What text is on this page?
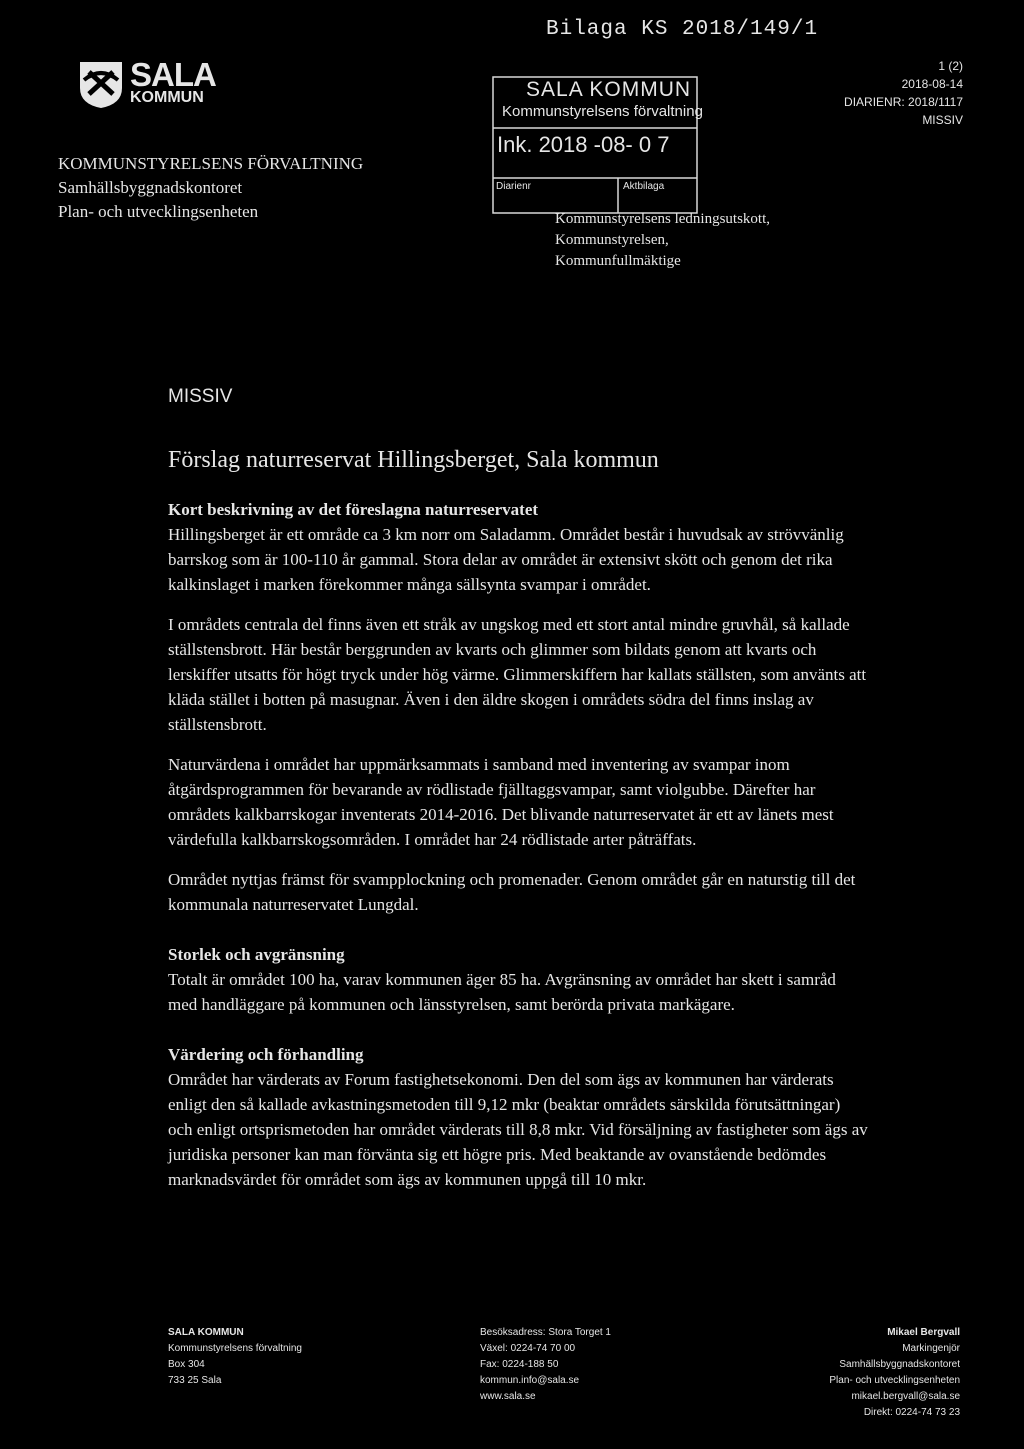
Bilaga KS 2018/149/1
SALA
KOMMUN
KOMMUNSTYRELSENS FÖRVALTNING
Samhällsbyggnadskontoret
Plan- och utvecklingsenheten
SALA KOMMUN
Kommunstyrelsens förvaltning
Ink. 2018 -08- 0 7
Diarienr	Aktbilaga
Kommunstyrelsens ledningsutskott,
Kommunstyrelsen,
Kommunfullmäktige
1 (2)
2018-08-14
DIARIENR: 2018/1117
MISSIV
MISSIV
Förslag naturreservat Hillingsberget, Sala kommun

Kort beskrivning av det föreslagna naturreservatet

Hillingsberget är ett område ca 3 km norr om Saladamm. Området består i huvudsak av strövvänlig barrskog som är 100-110 år gammal. Stora delar av området är extensivt skött och genom det rika kalkinslaget i marken förekommer många sällsynta svampar i området.

I områdets centrala del finns även ett stråk av ungskog med ett stort antal mindre gruvhål, så kallade ställstensbrott. Här består berggrunden av kvarts och glimmer som bildats genom att kvarts och lerskiffer utsatts för högt tryck under hög värme. Glimmerskiffern har kallats ställsten, som använts att kläda stället i botten på masugnar. Även i den äldre skogen i områdets södra del finns inslag av ställstensbrott.

Naturvärdena i området har uppmärksammats i samband med inventering av svampar inom åtgärdsprogrammen för bevarande av rödlistade fjälltaggsvampar, samt violgubbe. Därefter har områdets kalkbarrskogar inventerats 2014-2016. Det blivande naturreservatet är ett av länets mest värdefulla kalkbarrskogsområden. I området har 24 rödlistade arter påträffats.

Området nyttjas främst för svampplockning och promenader. Genom området går en naturstig till det kommunala naturreservatet Lungdal.

Storlek och avgränsning

Totalt är området 100 ha, varav kommunen äger 85 ha. Avgränsning av området har skett i samråd med handläggare på kommunen och länsstyrelsen, samt berörda privata markägare.

Värdering och förhandling

Området har värderats av Forum fastighetsekonomi. Den del som ägs av kommunen har värderats enligt den så kallade avkastningsmetoden till 9,12 mkr (beaktar områdets särskilda förutsättningar) och enligt ortsprismetoden har området värderats till 8,8 mkr. Vid försäljning av fastigheter som ägs av juridiska personer kan man förvänta sig ett högre pris. Med beaktande av ovanstående bedömdes marknadsvärdet för området som ägs av kommunen uppgå till 10 mkr.

SALA KOMMUN
Kommunstyrelsens förvaltning
Box 304
733 25 Sala
Besöksadress: Stora Torget 1
Växel: 0224-74 70 00
Fax: 0224-188 50
kommun.info@sala.se
www.sala.se
Mikael Bergvall
Markingenjör
Samhällsbyggnadskontoret
Plan- och utvecklingsenheten
mikael.bergvall@sala.se
Direkt: 0224-74 73 23
